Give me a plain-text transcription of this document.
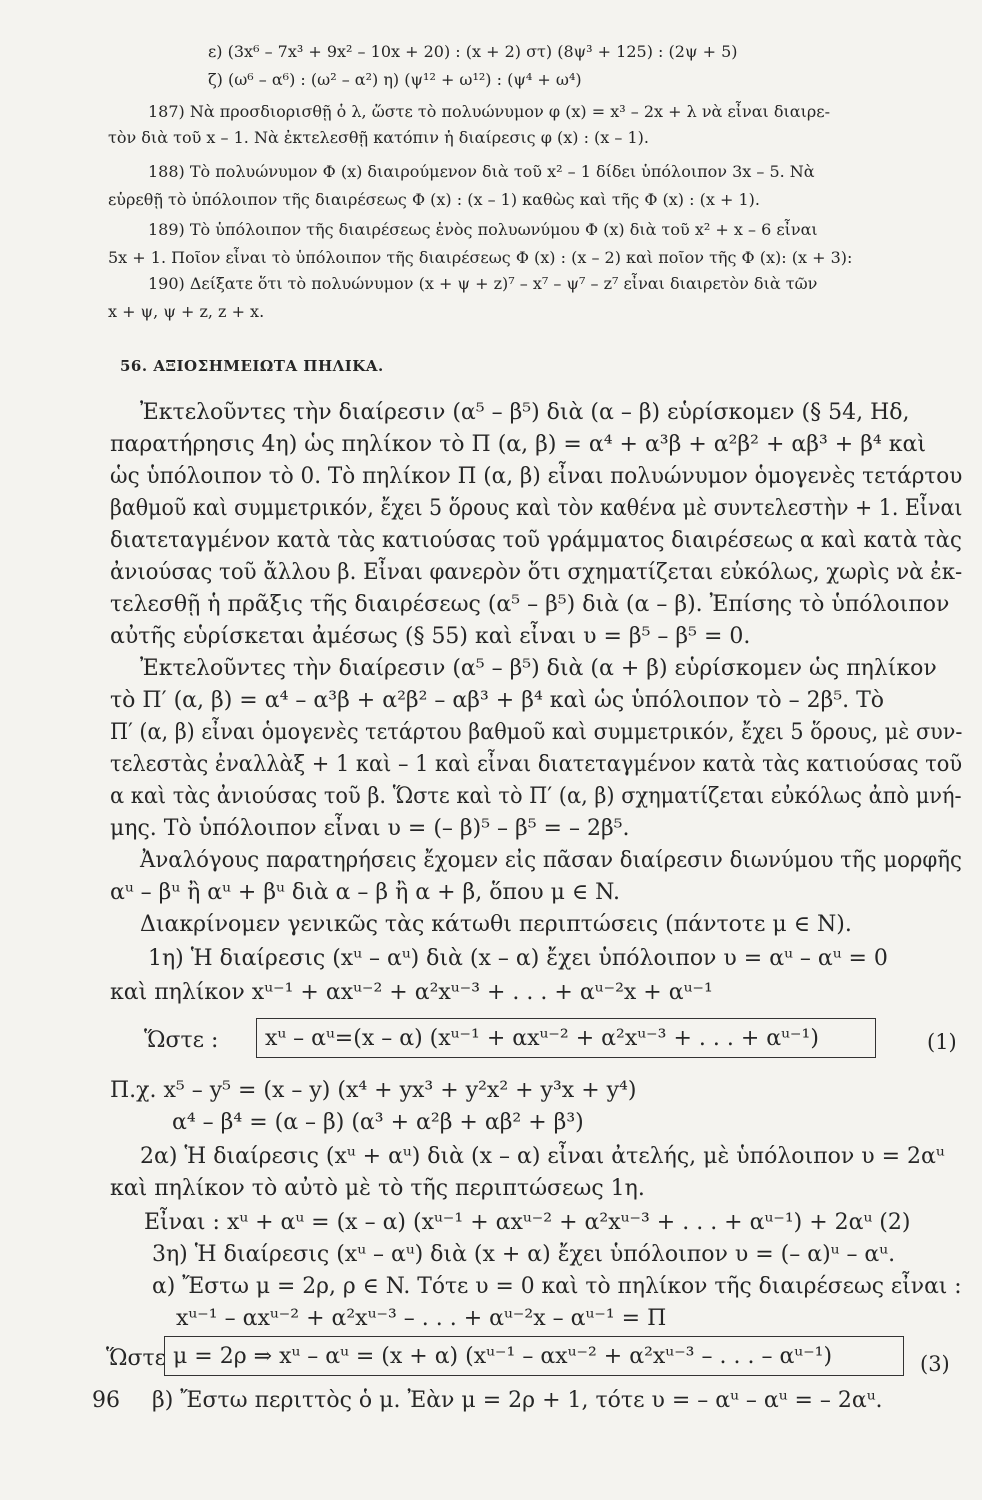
ε) (3x⁶ – 7x³ + 9x² – 10x + 20) : (x + 2) στ) (8ψ³ + 125) : (2ψ + 5)
ζ) (ω⁶ – α⁶) : (ω² – α²) η) (ψ¹² + ω¹²) : (ψ⁴ + ω⁴)
187) Νὰ προσδιορισθῇ ὁ λ, ὥστε τὸ πολυώνυμον φ (x) = x³ – 2x + λ νὰ εἶναι διαιρε-
τὸν διὰ τοῦ x – 1. Νὰ ἐκτελεσθῇ κατόπιν ἡ διαίρεσις φ (x) : (x – 1).
188) Τὸ πολυώνυμον Φ (x) διαιρούμενον διὰ τοῦ x² – 1 δίδει ὑπόλοιπον 3x – 5. Νὰ
εὑρεθῇ τὸ ὑπόλοιπον τῆς διαιρέσεως Φ (x) : (x – 1) καθὼς καὶ τῆς Φ (x) : (x + 1).
189) Τὸ ὑπόλοιπον τῆς διαιρέσεως ἑνὸς πολυωνύμου Φ (x) διὰ τοῦ x² + x – 6 εἶναι
5x + 1. Ποῖον εἶναι τὸ ὑπόλοιπον τῆς διαιρέσεως Φ (x) : (x – 2) καὶ ποῖον τῆς Φ (x): (x + 3):
190) Δείξατε ὅτι τὸ πολυώνυμον (x + ψ + z)⁷ – x⁷ – ψ⁷ – z⁷ εἶναι διαιρετὸν διὰ τῶν
x + ψ, ψ + z, z + x.
56. ΑΞΙΟΣΗΜΕΙΩΤΑ ΠΗΛΙΚΑ.
Ἐκτελοῦντες τὴν διαίρεσιν (α⁵ – β⁵) διὰ (α – β) εὑρίσκομεν (§ 54, Ηδ,
παρατήρησις 4η) ὡς πηλίκον τὸ Π (α, β) = α⁴ + α³β + α²β² + αβ³ + β⁴ καὶ
ὡς ὑπόλοιπον τὸ 0. Τὸ πηλίκον Π (α, β) εἶναι πολυώνυμον ὁμογενὲς τετάρτου
βαθμοῦ καὶ συμμετρικόν, ἔχει 5 ὅρους καὶ τὸν καθένα μὲ συντελεστὴν + 1. Εἶναι
διατεταγμένον κατὰ τὰς κατιούσας τοῦ γράμματος διαιρέσεως α καὶ κατὰ τὰς
ἀνιούσας τοῦ ἄλλου β. Εἶναι φανερὸν ὅτι σχηματίζεται εὐκόλως, χωρὶς νὰ ἐκ-
τελεσθῇ ἡ πρᾶξις τῆς διαιρέσεως (α⁵ – β⁵) διὰ (α – β). Ἐπίσης τὸ ὑπόλοιπον
αὐτῆς εὑρίσκεται ἀμέσως (§ 55) καὶ εἶναι υ = β⁵ – β⁵ = 0.
Ἐκτελοῦντες τὴν διαίρεσιν (α⁵ – β⁵) διὰ (α + β) εὑρίσκομεν ὡς πηλίκον
τὸ Π′ (α, β) = α⁴ – α³β + α²β² – αβ³ + β⁴ καὶ ὡς ὑπόλοιπον τὸ – 2β⁵. Τὸ
Π′ (α, β) εἶναι ὁμογενὲς τετάρτου βαθμοῦ καὶ συμμετρικόν, ἔχει 5 ὅρους, μὲ συν-
τελεστὰς ἐναλλὰξ + 1 καὶ – 1 καὶ εἶναι διατεταγμένον κατὰ τὰς κατιούσας τοῦ
α καὶ τὰς ἀνιούσας τοῦ β. Ὥστε καὶ τὸ Π′ (α, β) σχηματίζεται εὐκόλως ἀπὸ μνή-
μης. Τὸ ὑπόλοιπον εἶναι υ = (– β)⁵ – β⁵ = – 2β⁵.
Ἀναλόγους παρατηρήσεις ἔχομεν εἰς πᾶσαν διαίρεσιν διωνύμου τῆς μορφῆς
αᵘ – βᵘ ἢ αᵘ + βᵘ διὰ α – β ἢ α + β, ὅπου μ ∈ N.
Διακρίνομεν γενικῶς τὰς κάτωθι περιπτώσεις (πάντοτε μ ∈ N).
1η) Ἡ διαίρεσις (xᵘ – αᵘ) διὰ (x – α) ἔχει ὑπόλοιπον υ = αᵘ – αᵘ = 0
καὶ πηλίκον xᵘ⁻¹ + αxᵘ⁻² + α²xᵘ⁻³ + . . . + αᵘ⁻²x + αᵘ⁻¹
Ὥστε : xᵘ – αᵘ=(x – α) (xᵘ⁻¹ + αxᵘ⁻² + α²xᵘ⁻³ + . . . + αᵘ⁻¹)	(1)
Π.χ. x⁵ – y⁵ = (x – y) (x⁴ + yx³ + y²x² + y³x + y⁴)
α⁴ – β⁴ = (α – β) (α³ + α²β + αβ² + β³)
2α) Ἡ διαίρεσις (xᵘ + αᵘ) διὰ (x – α) εἶναι ἀτελής, μὲ ὑπόλοιπον υ = 2αᵘ
καὶ πηλίκον τὸ αὐτὸ μὲ τὸ τῆς περιπτώσεως 1η.
Εἶναι : xᵘ + αᵘ = (x – α) (xᵘ⁻¹ + αxᵘ⁻² + α²xᵘ⁻³ + . . . + αᵘ⁻¹) + 2αᵘ (2)
3η) Ἡ διαίρεσις (xᵘ – αᵘ) διὰ (x + α) ἔχει ὑπόλοιπον υ = (– α)ᵘ – αᵘ.
α) Ἔστω μ = 2ρ, ρ ∈ N. Τότε υ = 0 καὶ τὸ πηλίκον τῆς διαιρέσεως εἶναι :
xᵘ⁻¹ – αxᵘ⁻² + α²xᵘ⁻³ – . . . + αᵘ⁻²x – αᵘ⁻¹ = Π
Ὥστε μ = 2ρ ⇒ xᵘ – αᵘ = (x + α) (xᵘ⁻¹ – αxᵘ⁻² + α²xᵘ⁻³ – . . . – αᵘ⁻¹)	(3)
β) Ἔστω περιττὸς ὁ μ. Ἐὰν μ = 2ρ + 1, τότε υ = – αᵘ – αᵘ = – 2αᵘ.
96
